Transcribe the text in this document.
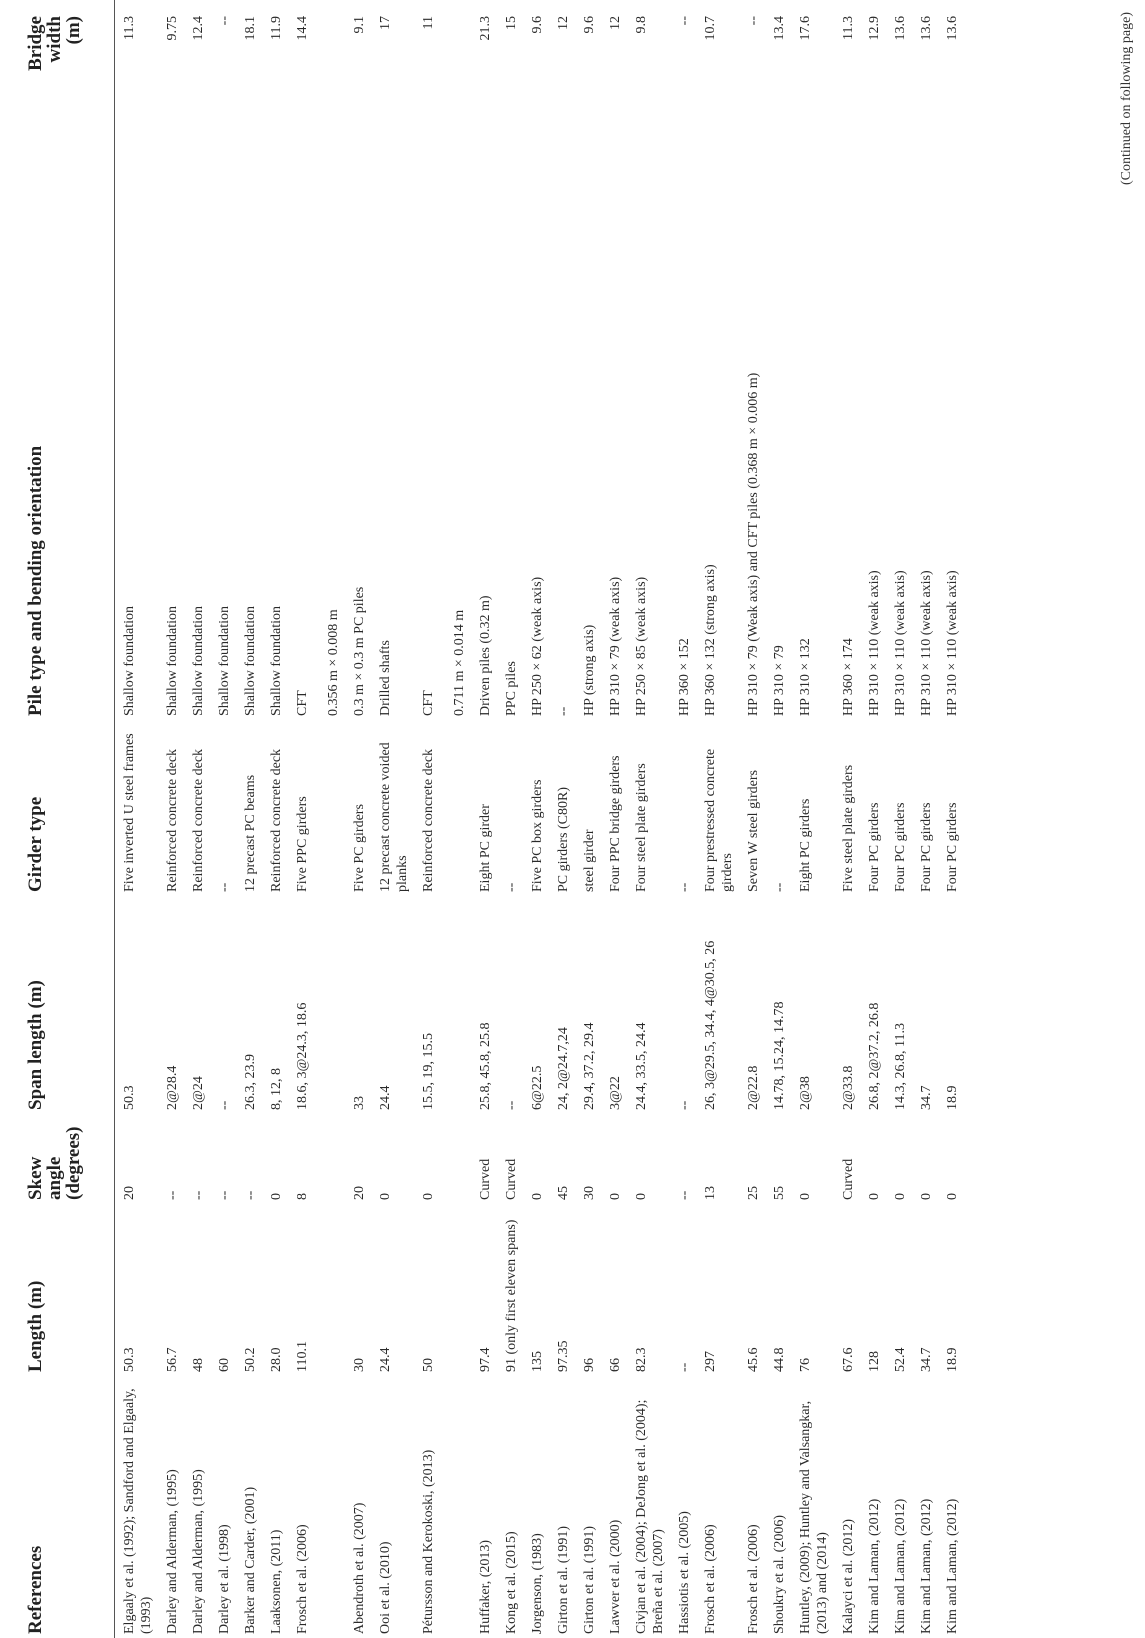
References	Length (m)	Skew angle (degrees)	Span length (m)	Girder type	Pile type and bending orientation	Bridge width (m)
Elgaaly et al. (1992); Sandford and Elgaaly, (1993)	50.3	20	50.3	Five inverted U steel frames	Shallow foundation	11.3
Darley and Alderman, (1995)	56.7	--	2@28.4	Reinforced concrete deck	Shallow foundation	9.75
Darley and Alderman, (1995)	48	--	2@24	Reinforced concrete deck	Shallow foundation	12.4
Darley et al. (1998)	60	--	--	--	Shallow foundation	--
Barker and Carder, (2001)	50.2	--	26.3, 23.9	12 precast PC beams	Shallow foundation	18.1
Laaksonen, (2011)	28.0	0	8, 12, 8	Reinforced concrete deck	Shallow foundation	11.9
Frosch et al. (2006)	110.1	8	18.6, 3@24.3, 18.6	Five PPC girders	CFT 0.356 m × 0.008 m	14.4
Abendroth et al. (2007)	30	20	33	Five PC girders	0.3 m × 0.3 m PC piles	9.1
Ooi et al. (2010)	24.4	0	24.4	12 precast concrete voided planks	Drilled shafts	17
Pétursson and Kerokoski, (2013)	50	0	15.5, 19, 15.5	Reinforced concrete deck	CFT 0.711 m × 0.014 m	11
Huffaker, (2013)	97.4	Curved	25.8, 45.8, 25.8	Eight PC girder	Driven piles (0.32 m)	21.3
Kong et al. (2015)	91 (only first eleven spans)	Curved	--	--	PPC piles	15
Jorgenson, (1983)	135	0	6@22.5	Five PC box girders	HP 250 × 62 (weak axis)	9.6
Girton et al. (1991)	97.35	45	24, 2@24.7,24	PC girders (C80R)	--	12
Girton et al. (1991)	96	30	29.4, 37.2, 29.4	steel girder	HP (strong axis)	9.6
Lawver et al. (2000)	66	0	3@22	Four PPC bridge girders	HP 310 × 79 (weak axis)	12
Civjan et al. (2004); DeJong et al. (2004); Breña et al. (2007)	82.3	0	24.4, 33.5, 24.4	Four steel plate girders	HP 250 × 85 (weak axis)	9.8
Hassiotis et al. (2005)	--	--	--	--	HP 360 × 152	--
Frosch et al. (2006)	297	13	26, 3@29.5, 34.4, 4@30.5, 26	Four prestressed concrete girders	HP 360 × 132 (strong axis)	10.7
Frosch et al. (2006)	45.6	25	2@22.8	Seven W steel girders	HP 310 × 79 (Weak axis) and CFT piles (0.368 m × 0.006 m)	--
Shoukry et al. (2006)	44.8	55	14.78, 15.24, 14.78	--	HP 310 × 79	13.4
Huntley, (2009); Huntley and Valsangkar, (2013) and (2014)	76	0	2@38	Eight PC girders	HP 310 × 132	17.6
Kalayci et al. (2012)	67.6	Curved	2@33.8	Five steel plate girders	HP 360 × 174	11.3
Kim and Laman, (2012)	128	0	26.8, 2@37.2, 26.8	Four PC girders	HP 310 × 110 (weak axis)	12.9
Kim and Laman, (2012)	52.4	0	14.3, 26.8, 11.3	Four PC girders	HP 310 × 110 (weak axis)	13.6
Kim and Laman, (2012)	34.7	0	34.7	Four PC girders	HP 310 × 110 (weak axis)	13.6
Kim and Laman, (2012)	18.9	0	18.9	Four PC girders	HP 310 × 110 (weak axis)	13.6	(Continued on following page)
